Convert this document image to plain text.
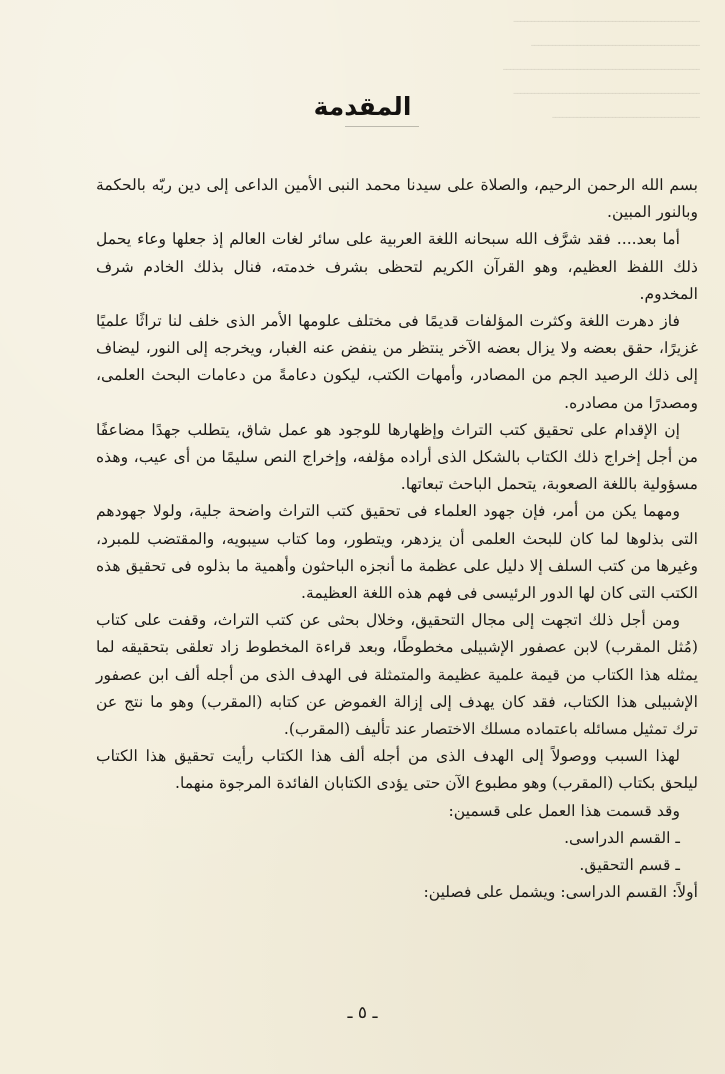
ـــــــــــــــــــــــــــــــــــــــــــــــــــــ
ــــــــــــــــــــــــــــــــــــــــــــــــ
ــــــــــــــــــــــــــــــــــــــــــــــــــــــــ
ـــــــــــــــــــــــــــــــــــــــــــــــــــــ
ــــــــــــــــــــــــــــــــــــــــــ
المقدمة

بسم الله الرحمن الرحيم، والصلاة على سيدنا محمد النبى الأمين الداعى إلى دين ربّه بالحكمة وبالنور المبين.

أما بعد.... فقد شرَّف الله سبحانه اللغة العربية على سائر لغات العالم إذ جعلها وعاء يحمل ذلك اللفظ العظيم، وهو القرآن الكريم لتحظى بشرف خدمته، فنال بذلك الخادم شرف المخدوم.

فاز دهرت اللغة وكثرت المؤلفات قديمًا فى مختلف علومها الأمر الذى خلف لنا تراثًا علميًا غزيرًا، حقق بعضه ولا يزال بعضه الآخر ينتظر من ينفض عنه الغبار، ويخرجه إلى النور، ليضاف إلى ذلك الرصيد الجم من المصادر، وأمهات الكتب، ليكون دعامةً من دعامات البحث العلمى، ومصدرًا من مصادره.

إن الإقدام على تحقيق كتب التراث وإظهارها للوجود هو عمل شاق، يتطلب جهدًا مضاعفًا من أجل إخراج ذلك الكتاب بالشكل الذى أراده مؤلفه، وإخراج النص سليمًا من أى عيب، وهذه مسؤولية باللغة الصعوبة، يتحمل الباحث تبعاتها.

ومهما يكن من أمر، فإن جهود العلماء فى تحقيق كتب التراث واضحة جلية، ولولا جهودهم التى بذلوها لما كان للبحث العلمى أن يزدهر، ويتطور، وما كتاب سيبويه، والمقتضب للمبرد، وغيرها من كتب السلف إلا دليل على عظمة ما أنجزه الباحثون وأهمية ما بذلوه فى تحقيق هذه الكتب التى كان لها الدور الرئيسى فى فهم هذه اللغة العظيمة.

ومن أجل ذلك اتجهت إلى مجال التحقيق، وخلال بحثى عن كتب التراث، وقفت على كتاب (مُثل المقرب) لابن عصفور الإشبيلى مخطوطًا، وبعد قراءة المخطوط زاد تعلقى بتحقيقه لما يمثله هذا الكتاب من قيمة علمية عظيمة والمتمثلة فى الهدف الذى من أجله ألف ابن عصفور الإشبيلى هذا الكتاب، فقد كان يهدف إلى إزالة الغموض عن كتابه (المقرب) وهو ما نتج عن ترك تمثيل مسائله باعتماده مسلك الاختصار عند تأليف (المقرب).

لهذا السبب ووصولاً إلى الهدف الذى من أجله ألف هذا الكتاب رأيت تحقيق هذا الكتاب ليلحق بكتاب (المقرب) وهو مطبوع الآن حتى يؤدى الكتابان الفائدة المرجوة منهما.

وقد قسمت هذا العمل على قسمين:

ـ القسم الدراسى.

ـ قسم التحقيق.

أولاً: القسم الدراسى: ويشمل على فصلين:

ـ ٥ ـ
